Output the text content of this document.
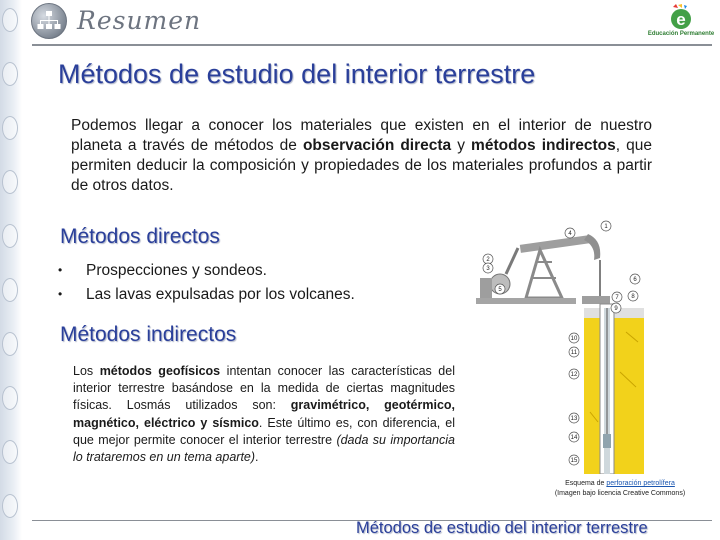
Resumen	e
Educación Permanente
Métodos de estudio del interior terrestre

Podemos llegar a conocer los materiales que existen en el interior de nuestro planeta a través de métodos de observación directa y métodos indirectos, que permiten deducir la composición y propiedades de los materiales profundos a partir de otros datos.

Métodos directos
• Prospecciones y sondeos.
• Las lavas expulsadas por los volcanes.
Métodos indirectos

Los métodos geofísicos intentan conocer las características del interior terrestre basándose en la medida de ciertas magnitudes físicas. Losmás utilizados son: gravimétrico, geotérmico, magnético, eléctrico y sísmico. Este último es, con diferencia, el que mejor permite conocer el interior terrestre (dada su importancia lo trataremos en un tema aparte).

1
2
3
4
5
6
7 8
9
10
11
12
13
14
15
Esquema de perforación petrolífera
(Imagen bajo licencia Creative Commons)
Métodos de estudio del interior terrestre
